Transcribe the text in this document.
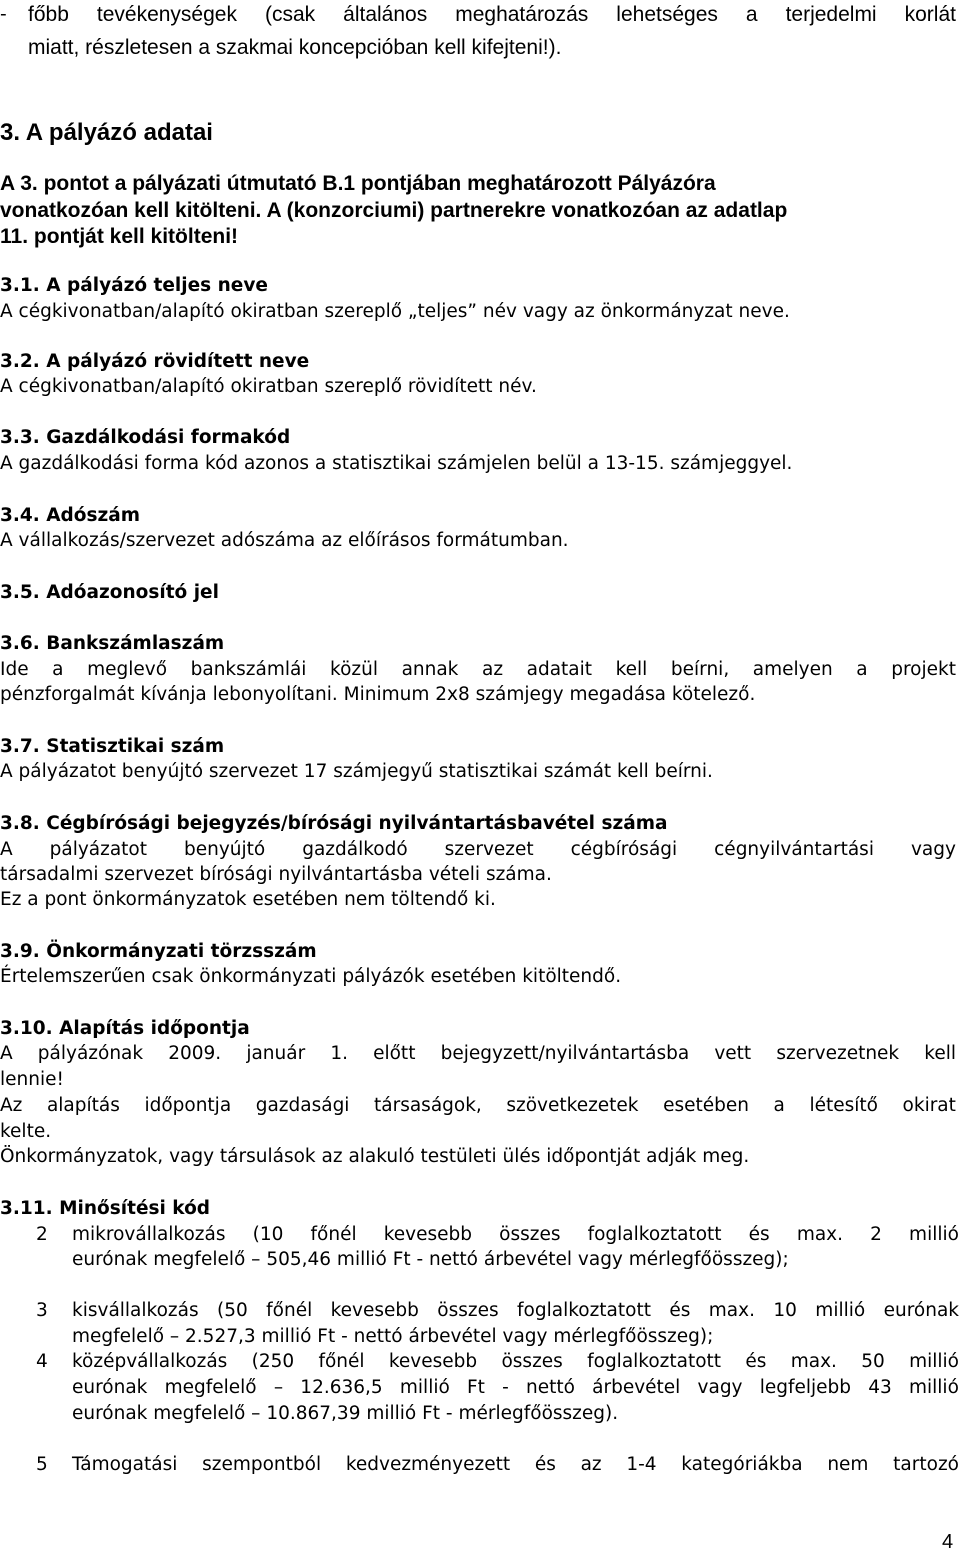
- főbb tevékenységek (csak általános meghatározás lehetséges a terjedelmi korlát
miatt, részletesen a szakmai koncepcióban kell kifejteni!).
3. A pályázó adatai
A 3. pontot a pályázati útmutató B.1 pontjában meghatározott Pályázóra
vonatkozóan kell kitölteni. A (konzorciumi) partnerekre vonatkozóan az adatlap
11. pontját kell kitölteni!
3.1. A pályázó teljes neve
A cégkivonatban/alapító okiratban szereplő „teljes” név vagy az önkormányzat neve.
3.2. A pályázó rövidített neve
A cégkivonatban/alapító okiratban szereplő rövidített név.
3.3. Gazdálkodási formakód
A gazdálkodási forma kód azonos a statisztikai számjelen belül a 13-15. számjeggyel.
3.4. Adószám
A vállalkozás/szervezet adószáma az előírásos formátumban.
3.5. Adóazonosító jel
3.6. Bankszámlaszám
Ide a meglevő bankszámlái közül annak az adatait kell beírni, amelyen a projekt
pénzforgalmát kívánja lebonyolítani. Minimum 2x8 számjegy megadása kötelező.
3.7. Statisztikai szám
A pályázatot benyújtó szervezet 17 számjegyű statisztikai számát kell beírni.
3.8. Cégbírósági bejegyzés/bírósági nyilvántartásbavétel száma
A pályázatot benyújtó gazdálkodó szervezet cégbírósági cégnyilvántartási vagy
társadalmi szervezet bírósági nyilvántartásba vételi száma.
Ez a pont önkormányzatok esetében nem töltendő ki.
3.9. Önkormányzati törzsszám
Értelemszerűen csak önkormányzati pályázók esetében kitöltendő.
3.10. Alapítás időpontja
A pályázónak 2009. január 1. előtt bejegyzett/nyilvántartásba vett szervezetnek kell
lennie!
Az alapítás időpontja gazdasági társaságok, szövetkezetek esetében a létesítő okirat
kelte.
Önkormányzatok, vagy társulások az alakuló testületi ülés időpontját adják meg.
3.11. Minősítési kód
2 mikrovállalkozás (10 főnél kevesebb összes foglalkoztatott és max. 2 millió
eurónak megfelelő – 505,46 millió Ft - nettó árbevétel vagy mérlegfőösszeg);
3 kisvállalkozás (50 főnél kevesebb összes foglalkoztatott és max. 10 millió eurónak
megfelelő – 2.527,3 millió Ft - nettó árbevétel vagy mérlegfőösszeg);
4 középvállalkozás (250 főnél kevesebb összes foglalkoztatott és max. 50 millió
eurónak megfelelő – 12.636,5 millió Ft - nettó árbevétel vagy legfeljebb 43 millió
eurónak megfelelő – 10.867,39 millió Ft - mérlegfőösszeg).
5 Támogatási szempontból kedvezményezett és az 1-4 kategóriákba nem tartozó
4
